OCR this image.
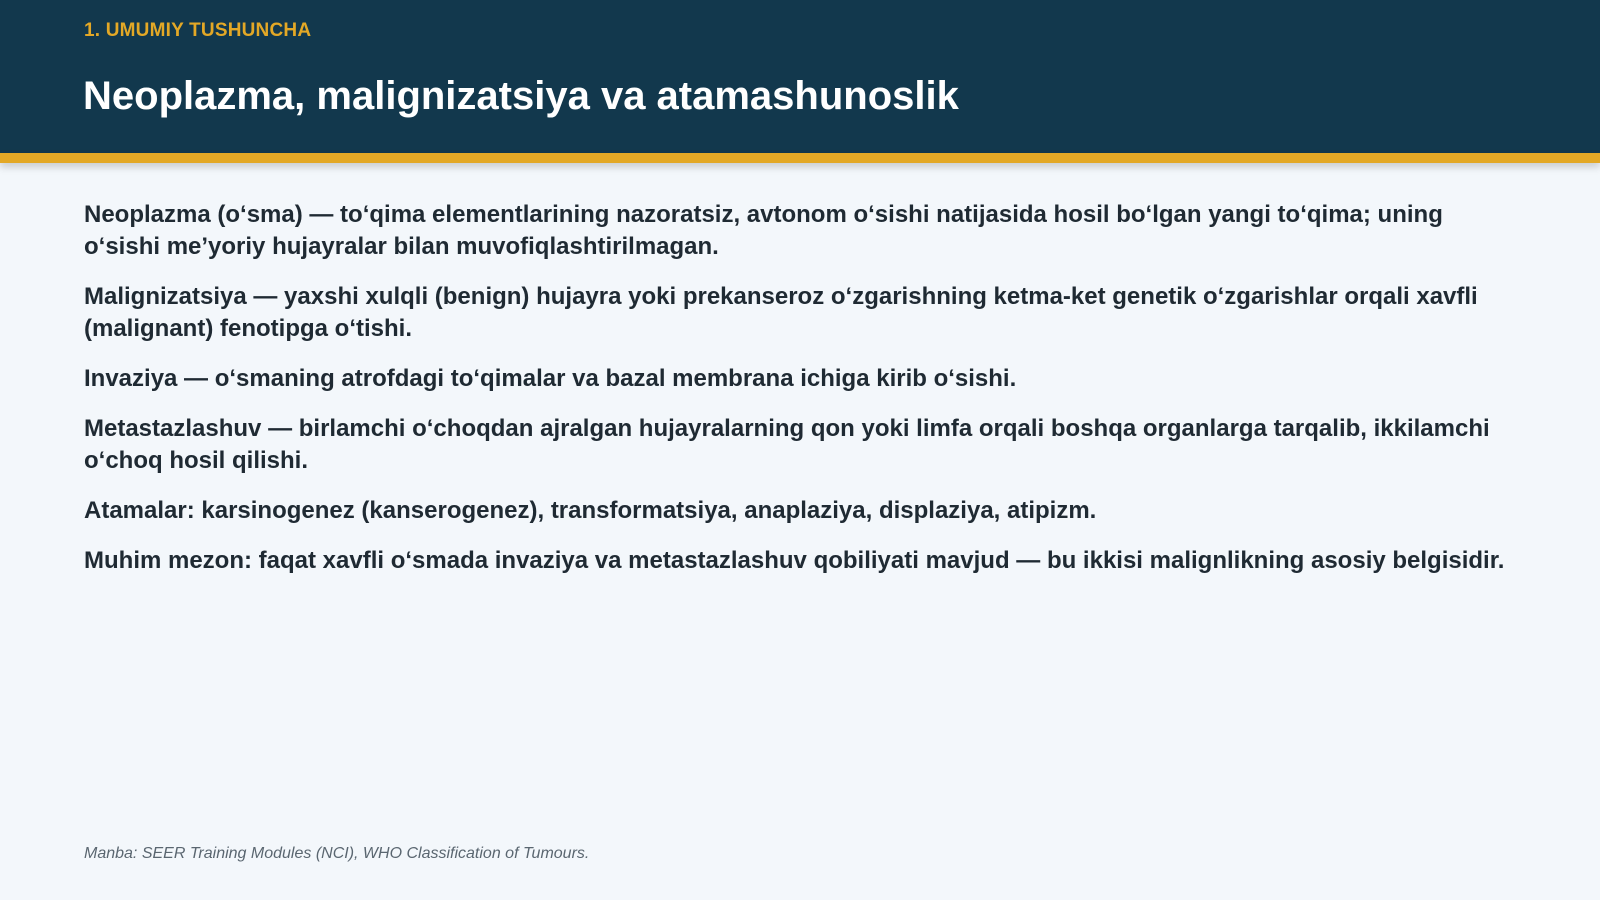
1. UMUMIY TUSHUNCHA
Neoplazma, malignizatsiya va atamashunoslik

Neoplazma (o‘sma) — to‘qima elementlarining nazoratsiz, avtonom o‘sishi natijasida hosil bo‘lgan yangi to‘qima; uning o‘sishi me’yoriy hujayralar bilan muvofiqlashtirilmagan.

Malignizatsiya — yaxshi xulqli (benign) hujayra yoki prekanseroz o‘zgarishning ketma-ket genetik o‘zgarishlar orqali xavfli (malignant) fenotipga o‘tishi.

Invaziya — o‘smaning atrofdagi to‘qimalar va bazal membrana ichiga kirib o‘sishi.

Metastazlashuv — birlamchi o‘choqdan ajralgan hujayralarning qon yoki limfa orqali boshqa organlarga tarqalib, ikkilamchi o‘choq hosil qilishi.

Atamalar: karsinogenez (kanserogenez), transformatsiya, anaplaziya, displaziya, atipizm.

Muhim mezon: faqat xavfli o‘smada invaziya va metastazlashuv qobiliyati mavjud — bu ikkisi malignlikning asosiy belgisidir.

Manba: SEER Training Modules (NCI), WHO Classification of Tumours.
